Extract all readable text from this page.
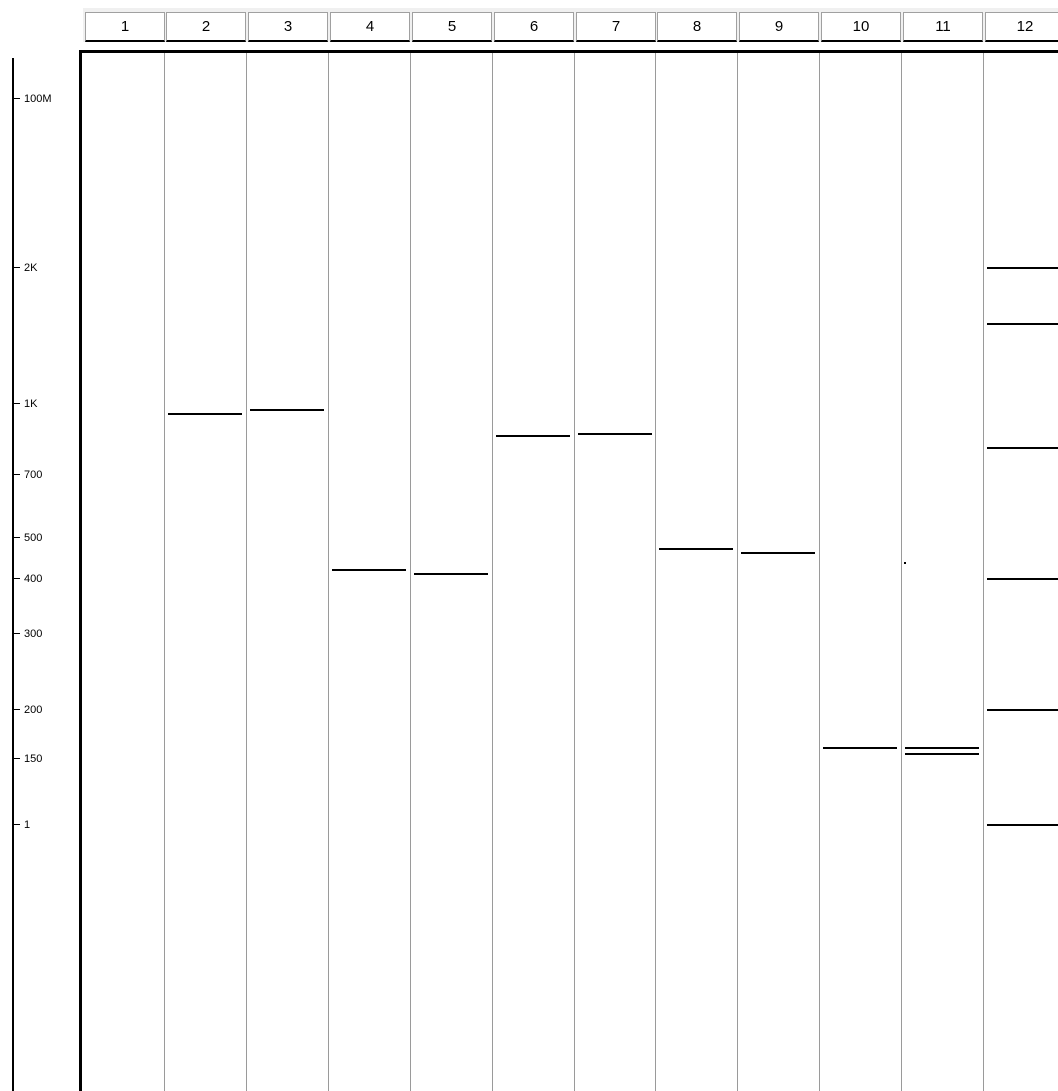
100M
2K
1K
700
500
400
300
200
150
1
1	2	3	4	5	6	7	8	9	10	11	12
